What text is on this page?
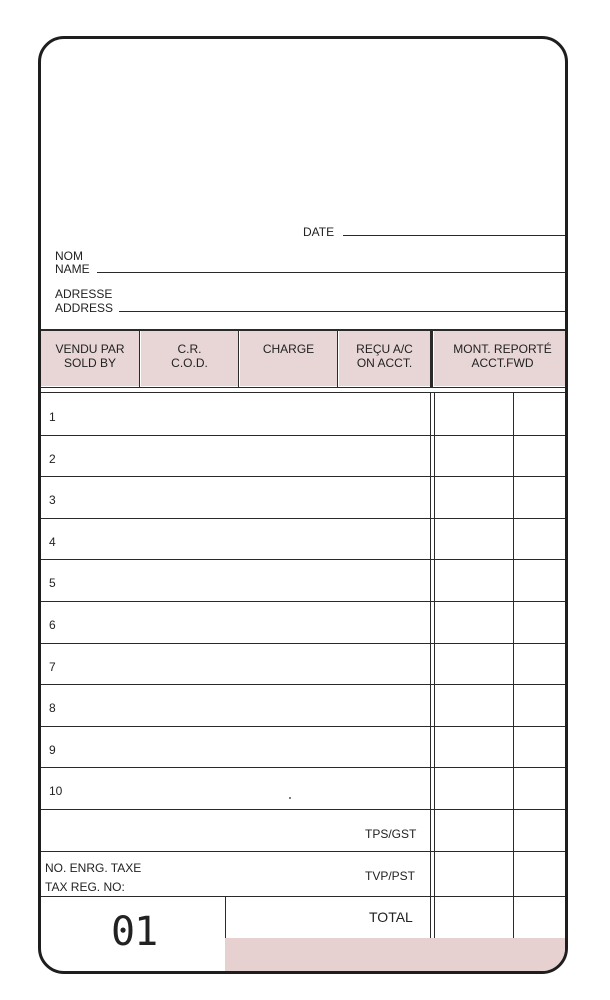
DATE
NOM
NAME
ADRESSE
ADDRESS
VENDU PAR
SOLD BY
C.R.
C.O.D.
CHARGE	REÇU A/C
ON ACCT.
MONT. REPORTÉ
ACCT.FWD
1
2
3
4
5
6
7
8
9
10
TPS/GST
NO. ENRG. TAXE
TAX REG. NO:
TVP/PST
TOTAL
01
